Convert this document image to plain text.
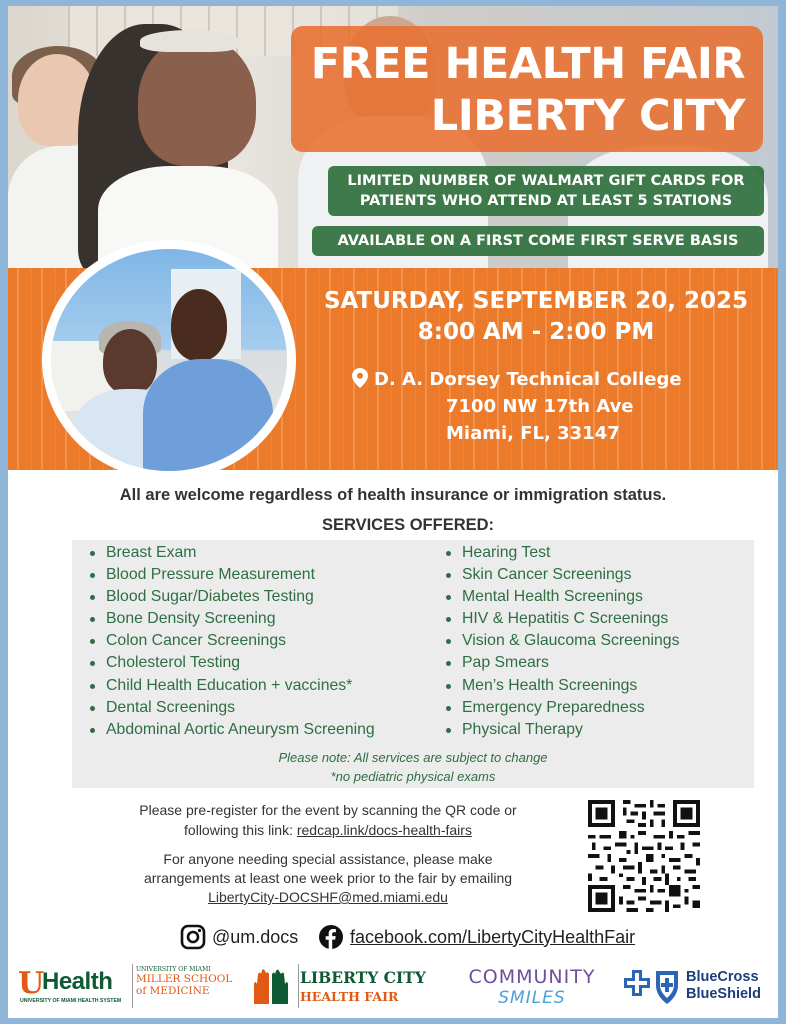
FREE HEALTH FAIR
LIBERTY CITY
LIMITED NUMBER OF WALMART GIFT CARDS FOR
PATIENTS WHO ATTEND AT LEAST 5 STATIONS
AVAILABLE ON A FIRST COME FIRST SERVE BASIS
SATURDAY, SEPTEMBER 20, 2025
8:00 AM - 2:00 PM
D. A. Dorsey Technical College
7100 NW 17th Ave
Miami, FL, 33147
All are welcome regardless of health insurance or immigration status.
SERVICES OFFERED:
Breast Exam
Blood Pressure Measurement
Blood Sugar/Diabetes Testing
Bone Density Screening
Colon Cancer Screenings
Cholesterol Testing
Child Health Education + vaccines*
Dental Screenings
Abdominal Aortic Aneurysm Screening
Hearing Test
Skin Cancer Screenings
Mental Health Screenings
HIV & Hepatitis C Screenings
Vision & Glaucoma Screenings
Pap Smears
Men’s Health Screenings
Emergency Preparedness
Physical Therapy
Please note: All services are subject to change
*no pediatric physical exams
Please pre-register for the event by scanning the QR code or
following this link: redcap.link/docs-health-fairs
For anyone needing special assistance, please make
arrangements at least one week prior to the fair by emailing
LibertyCity-DOCSHF@med.miami.edu
@um.docs	facebook.com/LibertyCityHealthFair
U
Health
UNIVERSITY OF MIAMI HEALTH SYSTEM
UNIVERSITY OF MIAMI
MILLER SCHOOL
of MEDICINE
LIBERTY CITY
HEALTH FAIR
COMMUNITY
SMILES
BlueCross
BlueShield
